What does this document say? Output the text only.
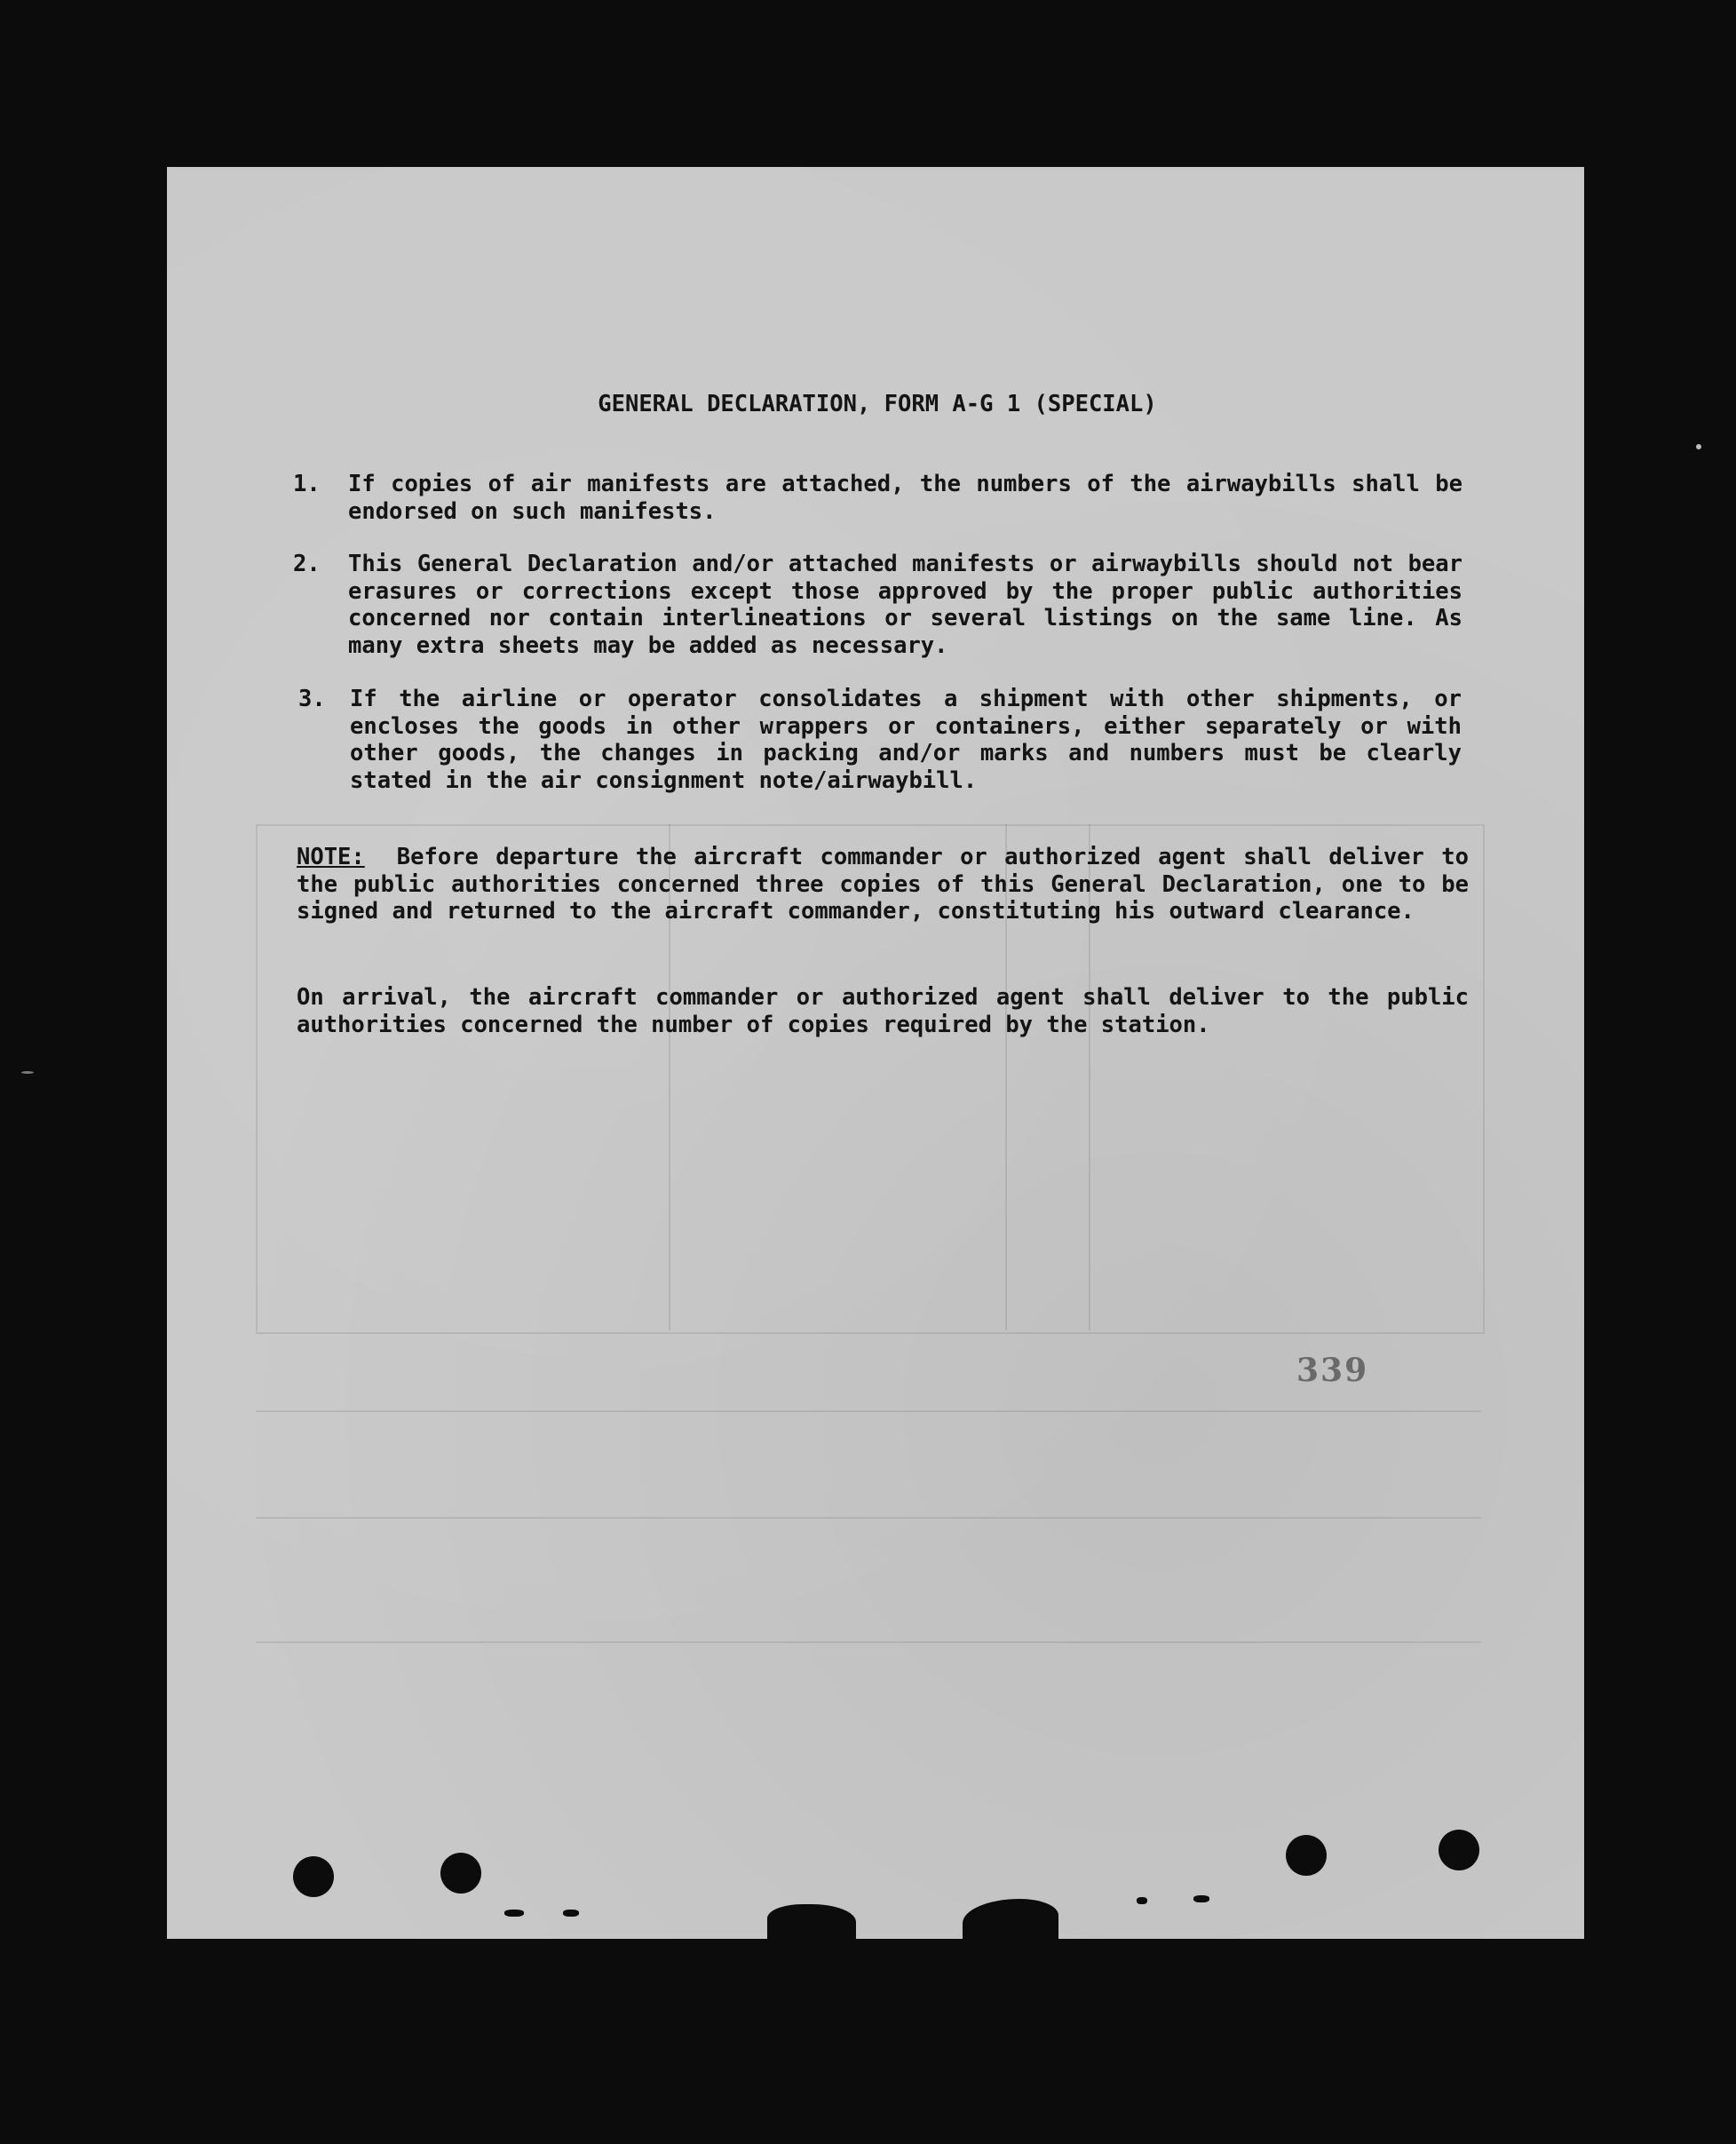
GENERAL DECLARATION, FORM A-G 1 (SPECIAL)
1. If copies of air manifests are attached, the numbers of the airwaybills shall be endorsed on such manifests.
2. This General Declaration and/or attached manifests or airwaybills should not bear erasures or corrections except those approved by the proper public authorities concerned nor contain interlineations or several listings on the same line. As many extra sheets may be added as necessary.
3. If the airline or operator consolidates a shipment with other shipments, or encloses the goods in other wrappers or containers, either separately or with other goods, the changes in packing and/or marks and numbers must be clearly stated in the air consignment note/airwaybill.
NOTE: Before departure the aircraft commander or authorized agent shall deliver to the public authorities concerned three copies of this General Declaration, one to be signed and returned to the aircraft commander, constituting his outward clearance.
On arrival, the aircraft commander or authorized agent shall deliver to the public authorities concerned the number of copies required by the station.
339
